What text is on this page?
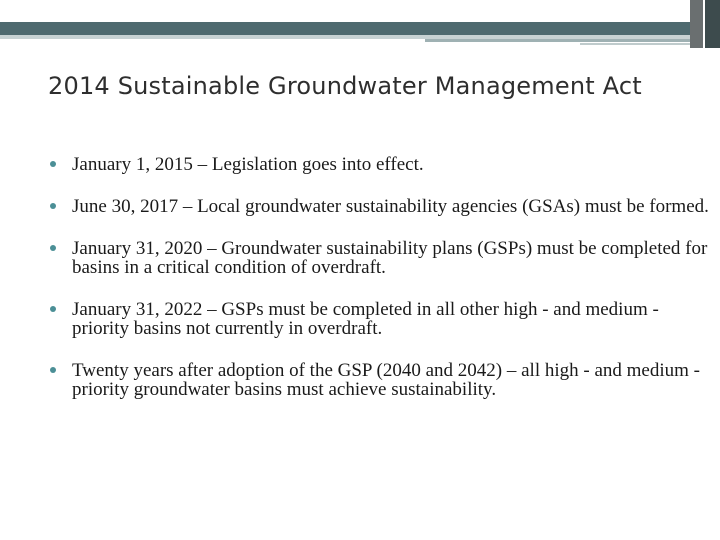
2014 Sustainable Groundwater Management Act
January 1, 2015 – Legislation goes into effect.
June 30, 2017 – Local groundwater sustainability agencies (GSAs) must be formed.
January 31, 2020 – Groundwater sustainability plans (GSPs) must be completed for basins in a critical condition of overdraft.
January 31, 2022 – GSPs must be completed in all other high - and medium - priority basins not currently in overdraft.
Twenty years after adoption of the GSP (2040 and 2042) – all high - and medium - priority groundwater basins must achieve sustainability.
